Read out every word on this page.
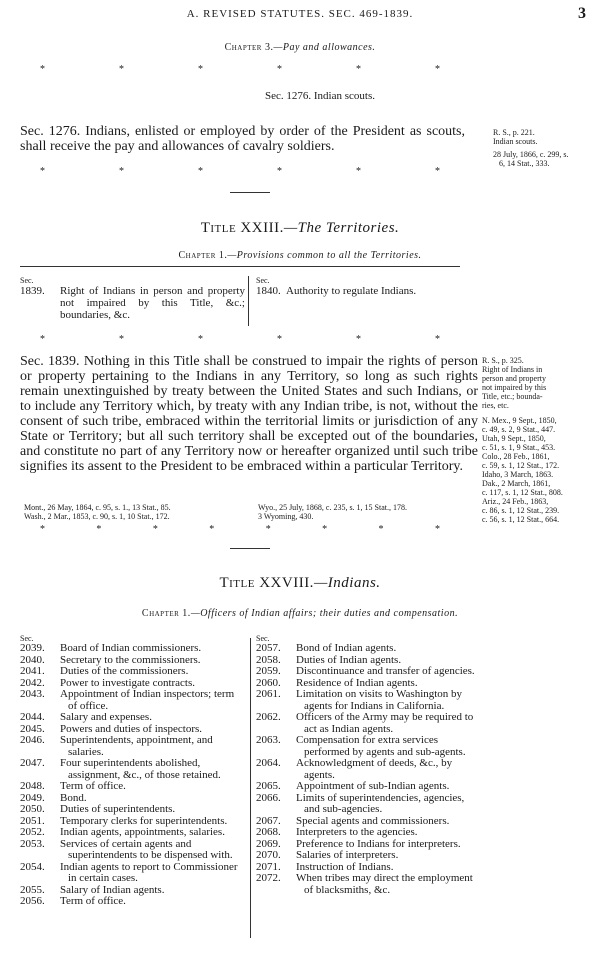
A. REVISED STATUTES. SEC. 469-1839.	3
Chapter 3.—Pay and allowances.
*	*	*	*	*	*
Sec. 1276. Indian scouts.
Sec. 1276. Indians, enlisted or employed by order of the President as scouts, shall receive the pay and allowances of cavalry soldiers.
R. S., p. 221.
Indian scouts.
28 July, 1866, c. 299, s.
6, 14 Stat., 333.
*	*	*	*	*	*
Title XXIII.—The Territories.
Chapter 1.—Provisions common to all the Territories.
Sec.
1839.	Right of Indians in person and property not impaired by this Title, &c.; boundaries, &c.
Sec.
1840. Authority to regulate Indians.
*	*	*	*	*	*
Sec. 1839. Nothing in this Title shall be construed to impair the rights of person or property pertaining to the Indians in any Territory, so long as such rights remain unextinguished by treaty between the United States and such Indians, or to include any Territory which, by treaty with any Indian tribe, is not, without the consent of such tribe, embraced within the territorial limits or jurisdiction of any State or Territory; but all such territory shall be excepted out of the boundaries, and constitute no part of any Territory now or hereafter organized until such tribe signifies its assent to the President to be embraced within a particular Territory.
R. S., p. 325.
Right of Indians in
person and property
not impaired by this
Title, etc.; bounda-
ries, etc.
N. Mex., 9 Sept., 1850,
c. 49, s. 2, 9 Stat., 447.
Utah, 9 Sept., 1850,
c. 51, s. 1, 9 Stat., 453.
Colo., 28 Feb., 1861,
c. 59, s. 1, 12 Stat., 172.
Idaho, 3 March, 1863.
Dak., 2 March, 1861,
c. 117, s. 1, 12 Stat., 808.
Ariz., 24 Feb., 1863,
c. 86, s. 1, 12 Stat., 239.
c. 56, s. 1, 12 Stat., 664.
Mont., 26 May, 1864, c. 95, s. 1., 13 Stat., 85.
Wash., 2 Mar., 1853, c. 90, s. 1, 10 Stat., 172.
Wyo., 25 July, 1868, c. 235, s. 1, 15 Stat., 178.
3 Wyoming, 430.
*	*	*	*	*	*	*	*
Title XXVIII.—Indians.
Chapter 1.—Officers of Indian affairs; their duties and compensation.
Sec.
2039.	Board of Indian commissioners.
2040.	Secretary to the commissioners.
2041.	Duties of the commissioners.
2042.	Power to investigate contracts.
2043.	Appointment of Indian inspectors; term of office.
2044.	Salary and expenses.
2045.	Powers and duties of inspectors.
2046.	Superintendents, appointment, and salaries.
2047.	Four superintendents abolished, assignment, &c., of those retained.
2048.	Term of office.
2049.	Bond.
2050.	Duties of superintendents.
2051.	Temporary clerks for superintendents.
2052.	Indian agents, appointments, salaries.
2053.	Services of certain agents and superintendents to be dispensed with.
2054.	Indian agents to report to Commissioner in certain cases.
2055.	Salary of Indian agents.
2056.	Term of office.
Sec.
2057.	Bond of Indian agents.
2058.	Duties of Indian agents.
2059.	Discontinuance and transfer of agencies.
2060.	Residence of Indian agents.
2061.	Limitation on visits to Washington by agents for Indians in California.
2062.	Officers of the Army may be required to act as Indian agents.
2063.	Compensation for extra services performed by agents and sub-agents.
2064.	Acknowledgment of deeds, &c., by agents.
2065.	Appointment of sub-Indian agents.
2066.	Limits of superintendencies, agencies, and sub-agencies.
2067.	Special agents and commissioners.
2068.	Interpreters to the agencies.
2069.	Preference to Indians for interpreters.
2070.	Salaries of interpreters.
2071.	Instruction of Indians.
2072.	When tribes may direct the employment of blacksmiths, &c.
